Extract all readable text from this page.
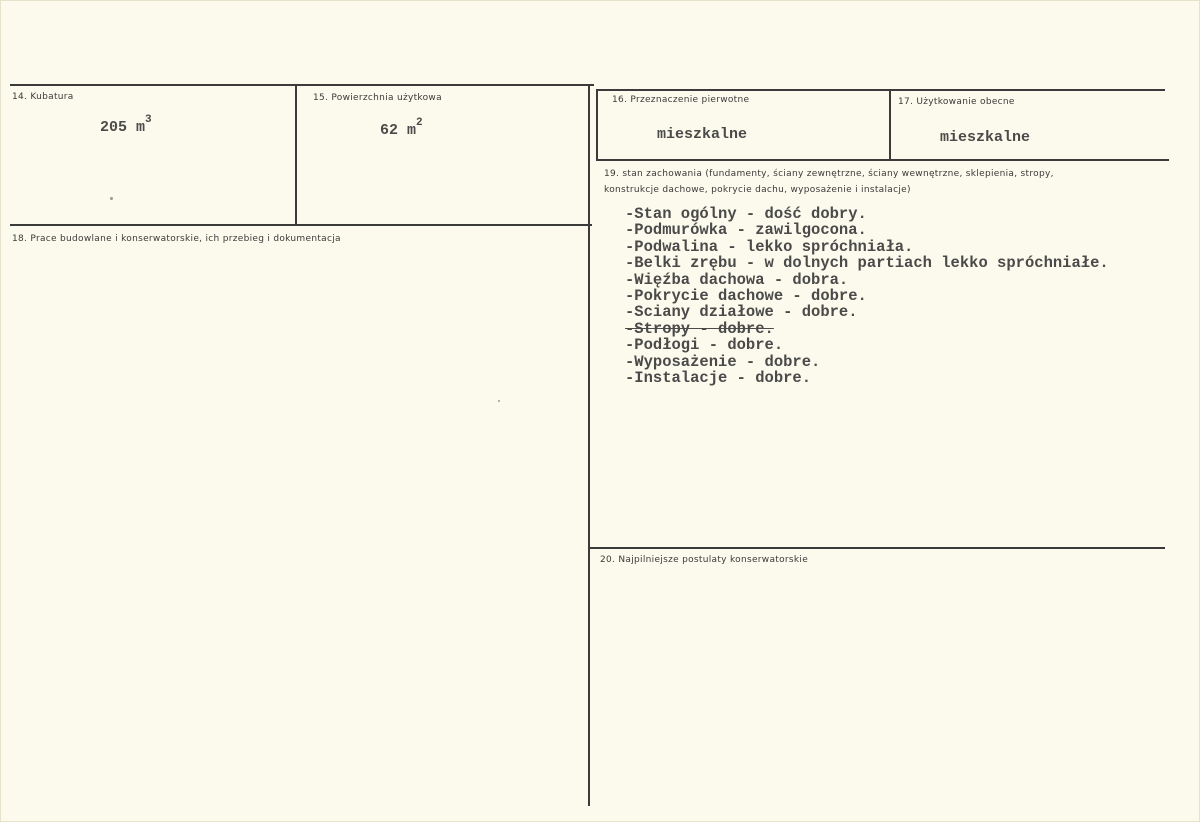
14. Kubatura
205 $m^3$
15. Powierzchnia użytkowa
62 $m^2$
16. Przeznaczenie pierwotne
mieszkalne
17. Użytkowanie obecne
mieszkalne
18. Prace budowlane i konserwatorskie, ich przebieg i dokumentacja
19. stan zachowania (fundamenty, ściany zewnętrzne, ściany wewnętrzne, sklepienia, stropy, konstrukcje dachowe, pokrycie dachu, wyposażenie i instalacje)
-Stan ogólny - dość dobry.
-Podmurówka - zawilgocona.
-Podwalina - lekko spróchniała.
-Belki zrębu - w dolnych partiach lekko spróchniałe.
-Więźba dachowa - dobra.
-Pokrycie dachowe - dobre.
-Sciany działowe - dobre.
-Stropy - dobre.
-Podłogi - dobre.
-Wyposażenie - dobre.
-Instalacje - dobre.
20. Najpilniejsze postulaty konserwatorskie
